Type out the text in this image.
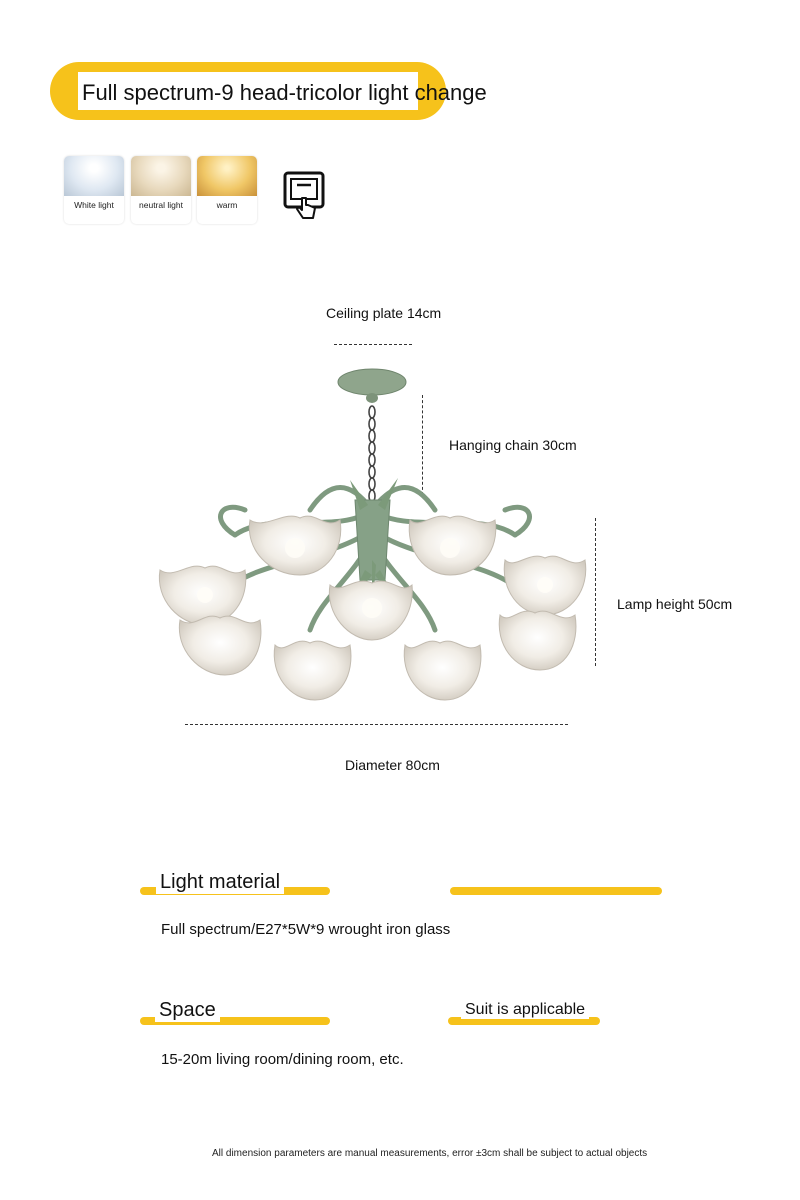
Full spectrum-9 head-tricolor light change
White light	neutral light	warm
Ceiling plate 14cm
Hanging chain 30cm
Lamp height 50cm
Diameter 80cm
Light material
Full spectrum/E27*5W*9 wrought iron glass
Space
15-20m living room/dining room, etc.
Suit is applicable
All dimension parameters are manual measurements, error ±3cm shall be subject to actual objects
